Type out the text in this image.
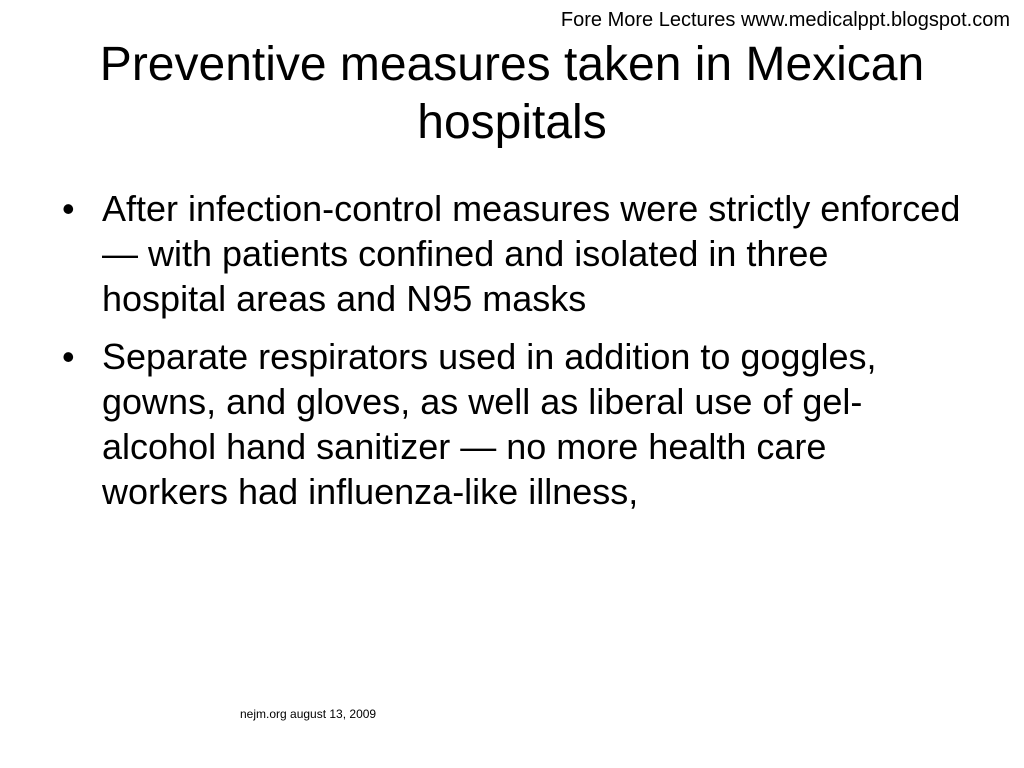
Fore More Lectures www.medicalppt.blogspot.com
Preventive measures taken in Mexican hospitals
• After infection-control measures were strictly enforced — with patients confined and isolated in three hospital areas and N95 masks
• Separate respirators used in addition to goggles, gowns, and gloves, as well as liberal use of gel-alcohol hand sanitizer — no more health care workers had influenza-like illness,
nejm.org august 13, 2009
